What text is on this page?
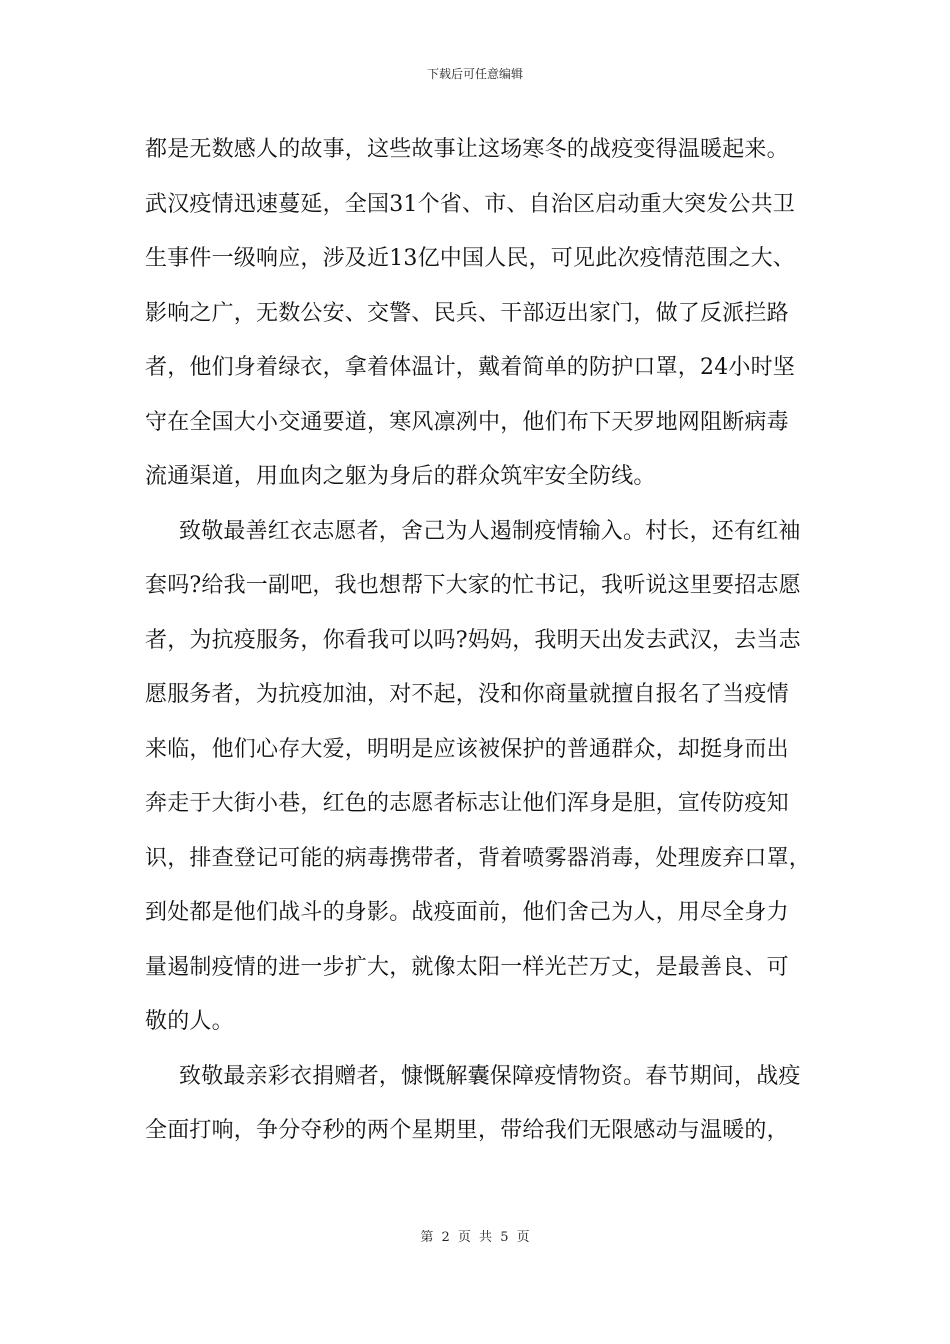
下载后可任意编辑
都是无数感人的故事，这些故事让这场寒冬的战疫变得温暖起来。
武汉疫情迅速蔓延，全国31个省、市、自治区启动重大突发公共卫
生事件一级响应，涉及近13亿中国人民，可见此次疫情范围之大、
影响之广，无数公安、交警、民兵、干部迈出家门，做了反派拦路
者，他们身着绿衣，拿着体温计，戴着简单的防护口罩，24小时坚
守在全国大小交通要道，寒风凛冽中，他们布下天罗地网阻断病毒
流通渠道，用血肉之躯为身后的群众筑牢安全防线。
致敬最善红衣志愿者，舍己为人遏制疫情输入。村长，还有红袖
套吗?给我一副吧，我也想帮下大家的忙书记，我听说这里要招志愿
者，为抗疫服务，你看我可以吗?妈妈，我明天出发去武汉，去当志
愿服务者，为抗疫加油，对不起，没和你商量就擅自报名了当疫情
来临，他们心存大爱，明明是应该被保护的普通群众，却挺身而出
奔走于大街小巷，红色的志愿者标志让他们浑身是胆，宣传防疫知
识，排查登记可能的病毒携带者，背着喷雾器消毒，处理废弃口罩，
到处都是他们战斗的身影。战疫面前，他们舍己为人，用尽全身力
量遏制疫情的进一步扩大，就像太阳一样光芒万丈，是最善良、可
敬的人。
致敬最亲彩衣捐赠者，慷慨解囊保障疫情物资。春节期间，战疫
全面打响，争分夺秒的两个星期里，带给我们无限感动与温暖的，
第 2 页 共 5 页
